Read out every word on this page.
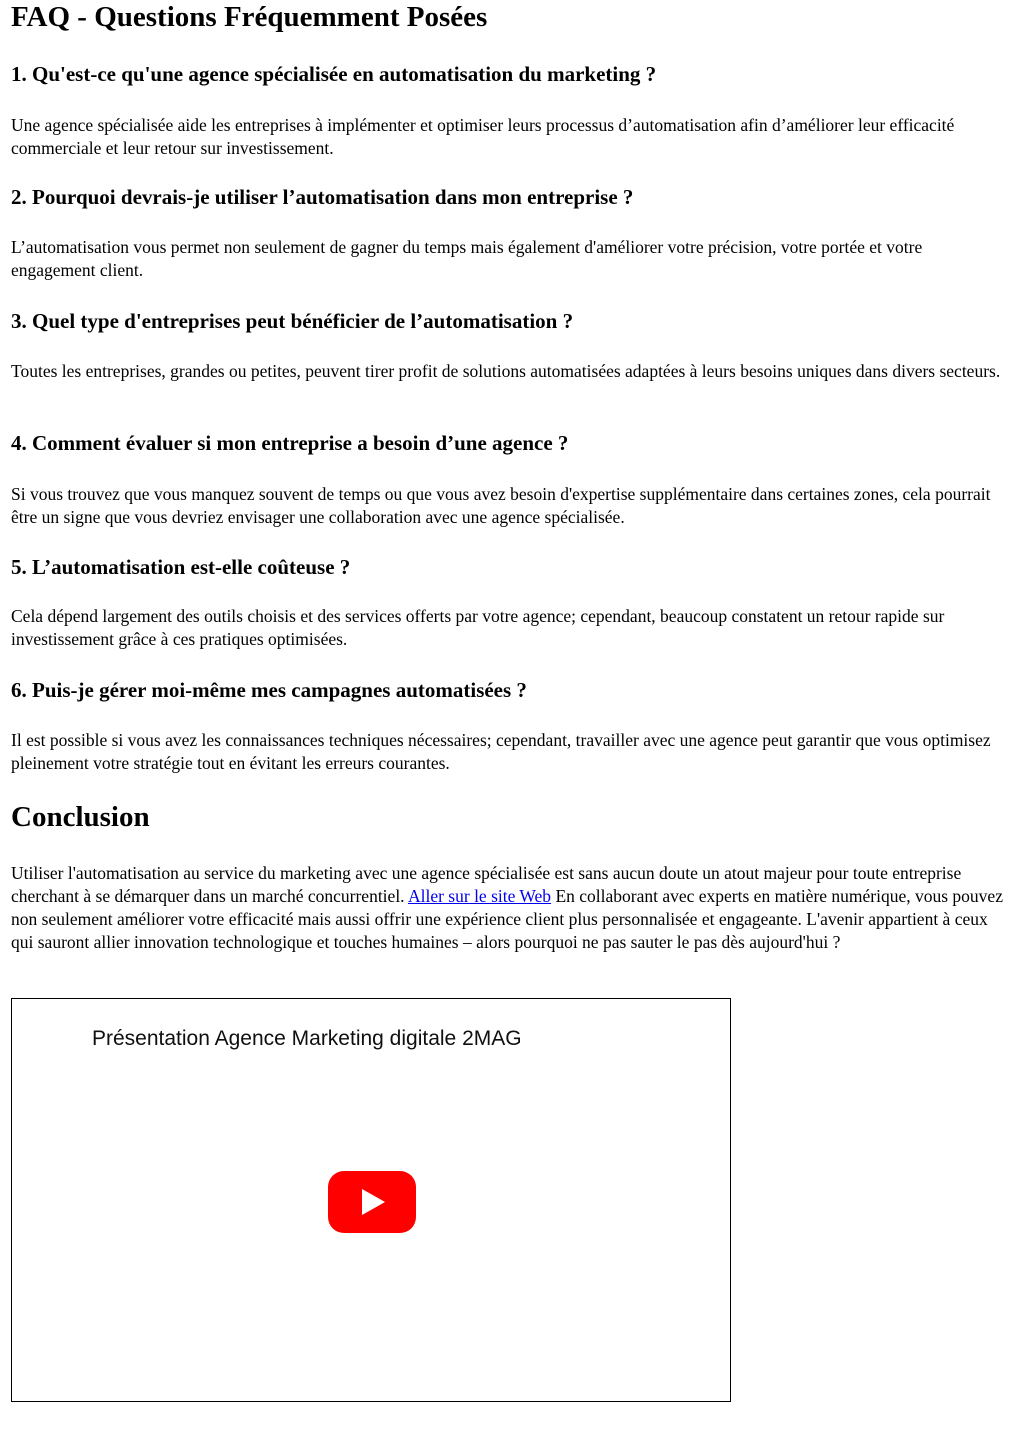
FAQ - Questions Fréquemment Posées
1. Qu'est-ce qu'une agence spécialisée en automatisation du marketing ?

Une agence spécialisée aide les entreprises à implémenter et optimiser leurs processus d’automatisation afin d’améliorer leur efficacité commerciale et leur retour sur investissement.

2. Pourquoi devrais-je utiliser l’automatisation dans mon entreprise ?

L’automatisation vous permet non seulement de gagner du temps mais également d'améliorer votre précision, votre portée et votre engagement client.

3. Quel type d'entreprises peut bénéficier de l’automatisation ?

Toutes les entreprises, grandes ou petites, peuvent tirer profit de solutions automatisées adaptées à leurs besoins uniques dans divers secteurs.

4. Comment évaluer si mon entreprise a besoin d’une agence ?

Si vous trouvez que vous manquez souvent de temps ou que vous avez besoin d'expertise supplémentaire dans certaines zones, cela pourrait être un signe que vous devriez envisager une collaboration avec une agence spécialisée.

5. L’automatisation est-elle coûteuse ?

Cela dépend largement des outils choisis et des services offerts par votre agence; cependant, beaucoup constatent un retour rapide sur investissement grâce à ces pratiques optimisées.

6. Puis-je gérer moi-même mes campagnes automatisées ?

Il est possible si vous avez les connaissances techniques nécessaires; cependant, travailler avec une agence peut garantir que vous optimisez pleinement votre stratégie tout en évitant les erreurs courantes.

Conclusion

Utiliser l'automatisation au service du marketing avec une agence spécialisée est sans aucun doute un atout majeur pour toute entreprise cherchant à se démarquer dans un marché concurrentiel. Aller sur le site Web En collaborant avec experts en matière numérique, vous pouvez non seulement améliorer votre efficacité mais aussi offrir une expérience client plus personnalisée et engageante. L'avenir appartient à ceux qui sauront allier innovation technologique et touches humaines – alors pourquoi ne pas sauter le pas dès aujourd'hui ?

Présentation Agence Marketing digitale 2MAG
